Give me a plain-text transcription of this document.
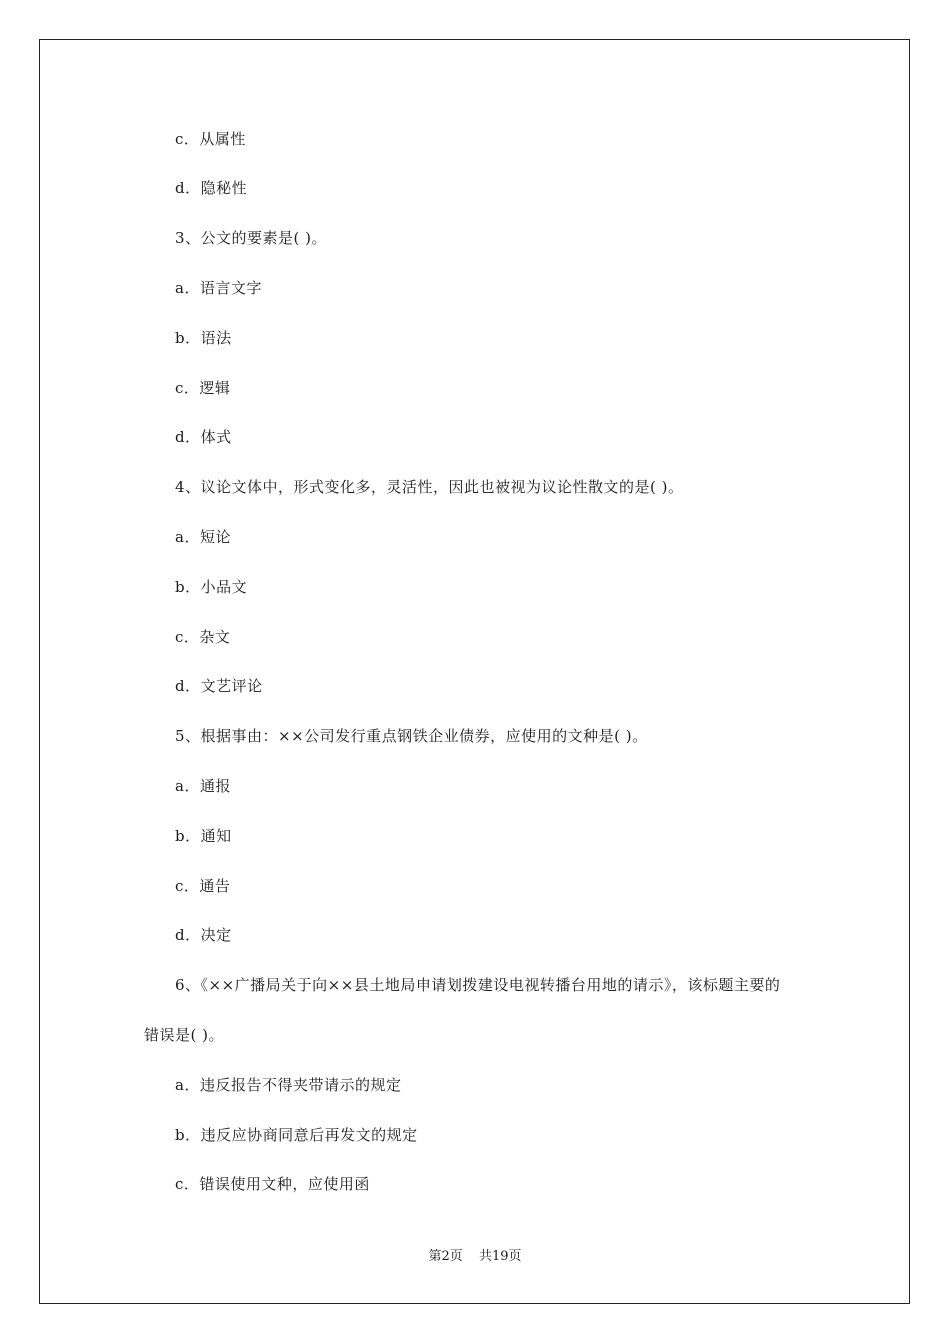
c．从属性
d．隐秘性
3、公文的要素是( )。
a．语言文字
b．语法
c．逻辑
d．体式
4、议论文体中，形式变化多，灵活性，因此也被视为议论性散文的是( )。
a．短论
b．小品文
c．杂文
d．文艺评论
5、根据事由：××公司发行重点钢铁企业债券，应使用的文种是( )。
a．通报
b．通知
c．通告
d．决定
6、《××广播局关于向××县土地局申请划拨建设电视转播台用地的请示》，该标题主要的
错误是( )。
a．违反报告不得夹带请示的规定
b．违反应协商同意后再发文的规定
c．错误使用文种，应使用函
第2页 共19页
